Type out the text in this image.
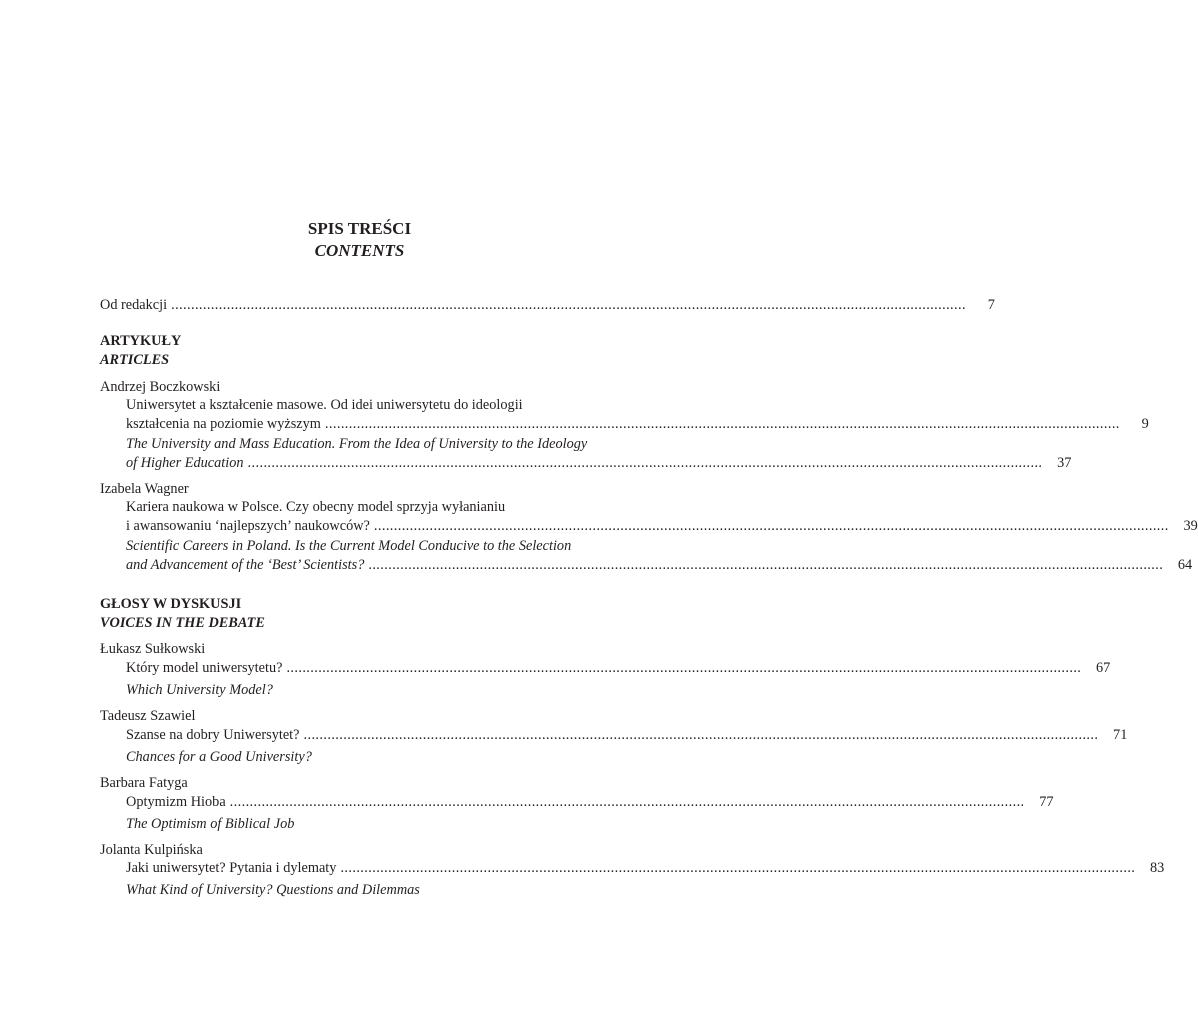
SPIS TREŚCI
CONTENTS
Od redakcji ........................................................................................................................................................................................................	7
ARTYKUŁY
ARTICLES
Andrzej Boczkowski
Uniwersytet a kształcenie masowe. Od idei uniwersytetu do ideologii
kształcenia na poziomie wyższym ........................................................................................................................................................................................................	9
The University and Mass Education. From the Idea of University to the Ideology
of Higher Education ........................................................................................................................................................................................................	37
Izabela Wagner
Kariera naukowa w Polsce. Czy obecny model sprzyja wyłanianiu
i awansowaniu ‘najlepszych’ naukowców? ........................................................................................................................................................................................................	39
Scientific Careers in Poland. Is the Current Model Conducive to the Selection
and Advancement of the ‘Best’ Scientists? ........................................................................................................................................................................................................	64
GŁOSY W DYSKUSJI
VOICES IN THE DEBATE
Łukasz Sułkowski
Który model uniwersytetu? ........................................................................................................................................................................................................	67
Which University Model?
Tadeusz Szawiel
Szanse na dobry Uniwersytet? ........................................................................................................................................................................................................	71
Chances for a Good University?
Barbara Fatyga
Optymizm Hioba ........................................................................................................................................................................................................	77
The Optimism of Biblical Job
Jolanta Kulpińska
Jaki uniwersytet? Pytania i dylematy ........................................................................................................................................................................................................	83
What Kind of University? Questions and Dilemmas
